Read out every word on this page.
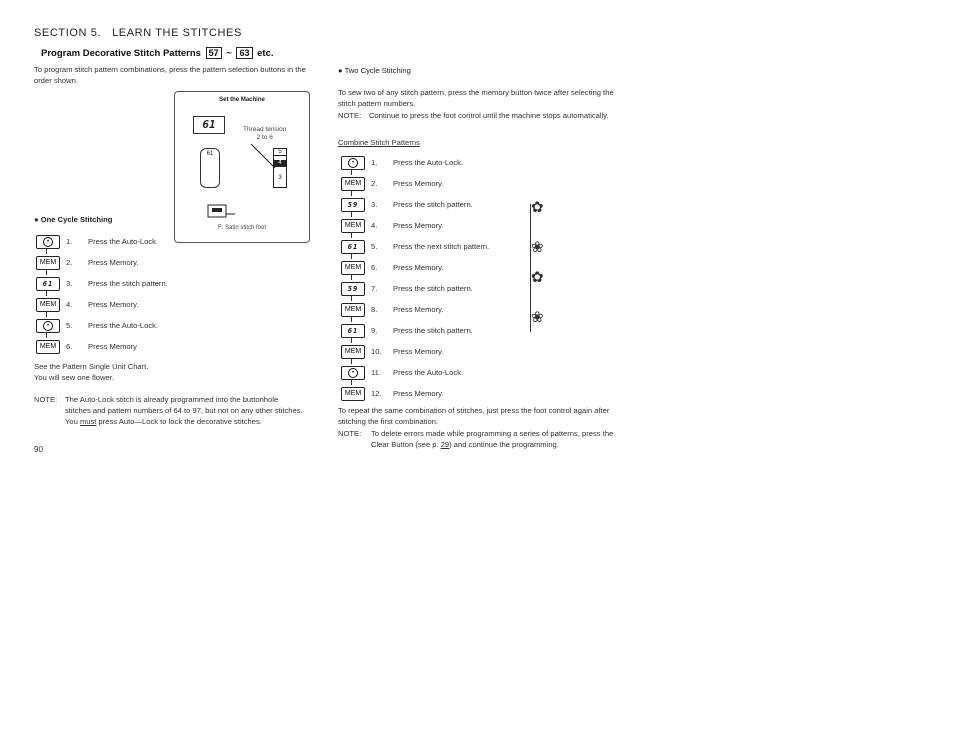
SECTION 5. LEARN THE STITCHES
Program Decorative Stitch Patterns 57 ~ 63 etc.
To program stitch pattern combinations, press the pattern selection buttons in the order shown.
Set the Machine
61	Thread tension
2 to 6
61	5
4
3
F: Satin stitch foot
● One Cycle Stitching
•	1.	Press the Auto-Lock.
MEM	2.	Press Memory.
61	3.	Press the stitch pattern.
MEM	4.	Press Memory.
•	5.	Press the Auto-Lock.
MEM	6.	Press Memory
See the Pattern Single Unit Chart.
You will sew one flower.
NOTE: The Auto-Lock stitch is already programmed into the buttonhole
stitches and pattern numbers of 64 to 97, but not on any other stitches.
You must press Auto—Lock to lock the decorative stitches.
90
● Two Cycle Stitching
To sew two of any stitch pattern, press the memory button twice after selecting the stitch pattern numbers.
NOTE: Continue to press the foot control until the machine stops automatically.
Combine Stitch Patterns
•	1.	Press the Auto-Lock.
MEM	2.	Press Memory.
59	3.	Press the stitch pattern.
MEM	4.	Press Memory.
61	5.	Press the next stitch pattern.
MEM	6.	Press Memory.
59	7.	Press the stitch pattern.
MEM	8.	Press Memory.
61	9.	Press the stitch pattern.
MEM	10.	Press Memory.
•	11.	Press the Auto-Lock.
MEM	12.	Press Memory.
✿
❀
✿
❀
To repeat the same combination of stitches, just press the foot control again after stitching the first combination.
NOTE: To delete errors made while programming a series of patterns, press the Clear Button (see p. 29) and continue the programming.
